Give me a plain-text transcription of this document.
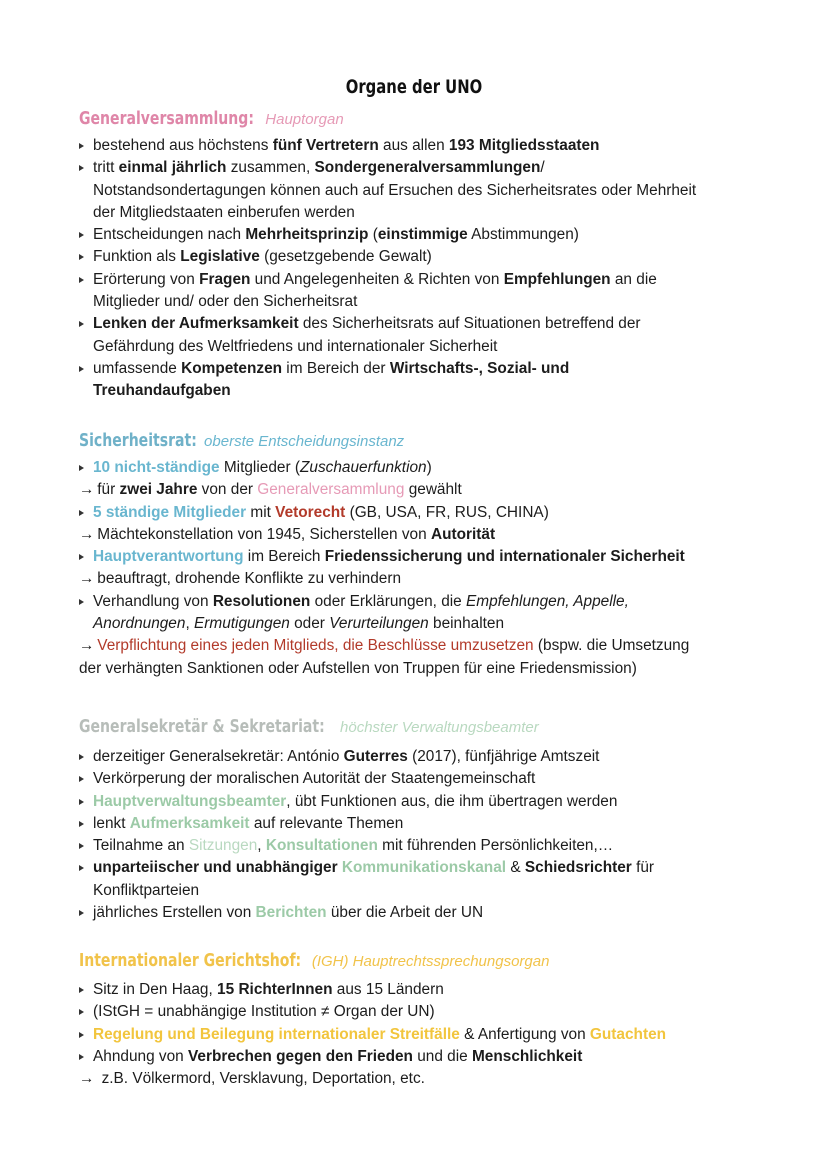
Organe der UNO
Generalversammlung: Hauptorgan
bestehend aus höchstens fünf Vertretern aus allen 193 Mitgliedsstaaten
tritt einmal jährlich zusammen, Sondergeneralversammlungen/
Notstandsondertagungen können auch auf Ersuchen des Sicherheitsrates oder Mehrheit
der Mitgliedstaaten einberufen werden
Entscheidungen nach Mehrheitsprinzip (einstimmige Abstimmungen)
Funktion als Legislative (gesetzgebende Gewalt)
Erörterung von Fragen und Angelegenheiten & Richten von Empfehlungen an die
Mitglieder und/ oder den Sicherheitsrat
Lenken der Aufmerksamkeit des Sicherheitsrats auf Situationen betreffend der
Gefährdung des Weltfriedens und internationaler Sicherheit
umfassende Kompetenzen im Bereich der Wirtschafts-, Sozial- und
Treuhandaufgaben
Sicherheitsrat: oberste Entscheidungsinstanz
10 nicht-ständige Mitglieder (Zuschauerfunktion)
→ für zwei Jahre von der Generalversammlung gewählt
5 ständige Mitglieder mit Vetorecht (GB, USA, FR, RUS, CHINA)
→ Mächtekonstellation von 1945, Sicherstellen von Autorität
Hauptverantwortung im Bereich Friedenssicherung und internationaler Sicherheit
→ beauftragt, drohende Konflikte zu verhindern
Verhandlung von Resolutionen oder Erklärungen, die Empfehlungen, Appelle,
Anordnungen, Ermutigungen oder Verurteilungen beinhalten
→ Verpflichtung eines jeden Mitglieds, die Beschlüsse umzusetzen (bspw. die Umsetzung
der verhängten Sanktionen oder Aufstellen von Truppen für eine Friedensmission)
Generalsekretär & Sekretariat: höchster Verwaltungsbeamter
derzeitiger Generalsekretär: António Guterres (2017), fünfjährige Amtszeit
Verkörperung der moralischen Autorität der Staatengemeinschaft
Hauptverwaltungsbeamter, übt Funktionen aus, die ihm übertragen werden
lenkt Aufmerksamkeit auf relevante Themen
Teilnahme an Sitzungen, Konsultationen mit führenden Persönlichkeiten,…
unparteiischer und unabhängiger Kommunikationskanal & Schiedsrichter für
Konfliktparteien
jährliches Erstellen von Berichten über die Arbeit der UN
Internationaler Gerichtshof: (IGH) Hauptrechtssprechungsorgan
Sitz in Den Haag, 15 RichterInnen aus 15 Ländern
(IStGH = unabhängige Institution ≠ Organ der UN)
Regelung und Beilegung internationaler Streitfälle & Anfertigung von Gutachten
Ahndung von Verbrechen gegen den Frieden und die Menschlichkeit
→ z.B. Völkermord, Versklavung, Deportation, etc.
